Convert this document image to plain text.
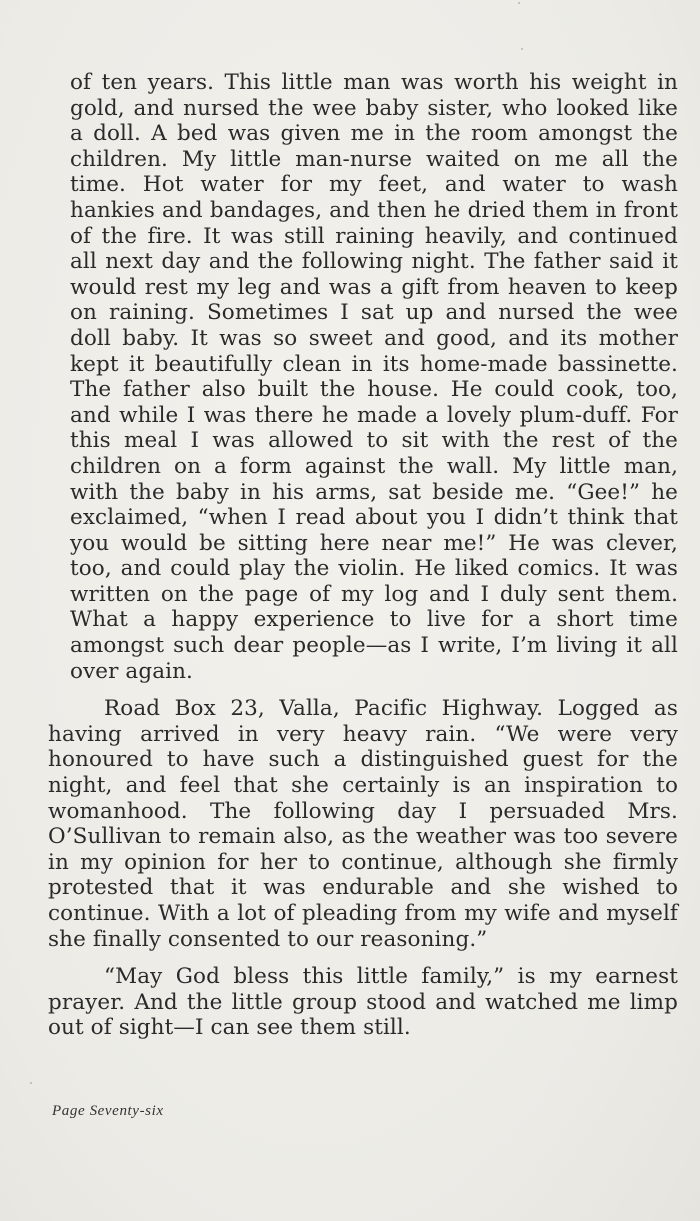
of ten years. This little man was worth his weight in gold, and nursed the wee baby sister, who looked like a doll. A bed was given me in the room amongst the children. My little man-nurse waited on me all the time. Hot water for my feet, and water to wash hankies and bandages, and then he dried them in front of the fire. It was still raining heavily, and continued all next day and the following night. The father said it would rest my leg and was a gift from heaven to keep on raining. Sometimes I sat up and nursed the wee doll baby. It was so sweet and good, and its mother kept it beautifully clean in its home-made bassinette. The father also built the house. He could cook, too, and while I was there he made a lovely plum-duff. For this meal I was allowed to sit with the rest of the children on a form against the wall. My little man, with the baby in his arms, sat beside me. “Gee!” he exclaimed, “when I read about you I didn’t think that you would be sitting here near me!” He was clever, too, and could play the violin. He liked comics. It was written on the page of my log and I duly sent them. What a happy experience to live for a short time amongst such dear people—as I write, I’m living it all over again.

Road Box 23, Valla, Pacific Highway. Logged as having arrived in very heavy rain. “We were very honoured to have such a distinguished guest for the night, and feel that she certainly is an inspiration to womanhood. The following day I persuaded Mrs. O’Sullivan to remain also, as the weather was too severe in my opinion for her to continue, although she firmly protested that it was endurable and she wished to continue. With a lot of pleading from my wife and myself she finally consented to our reasoning.”

“May God bless this little family,” is my earnest prayer. And the little group stood and watched me limp out of sight—I can see them still.

Page Seventy-six
